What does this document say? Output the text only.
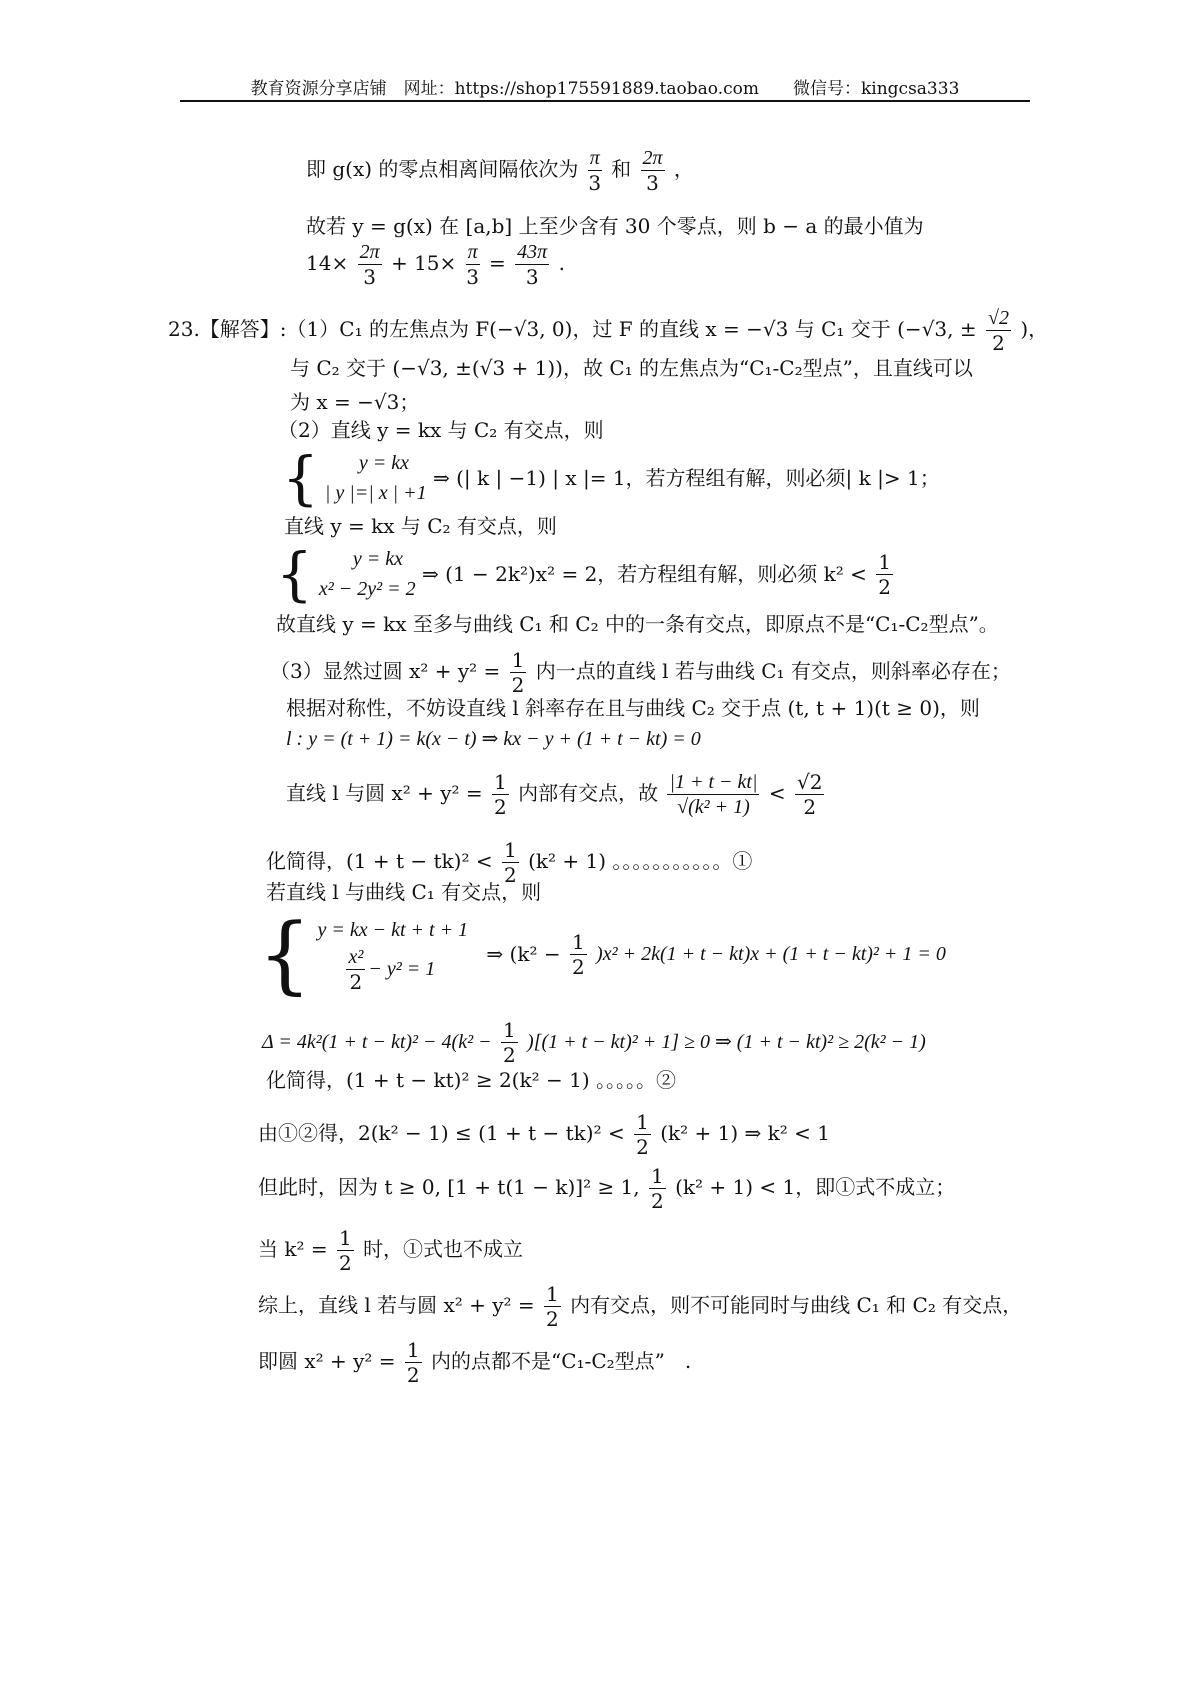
教育资源分享店铺　网址：https://shop175591889.taobao.com　　微信号：kingcsa333
即 g(x) 的零点相离间隔依次为 $\frac{\pi}{3}$ 和 $\frac{2\pi}{3}$ ，
故若 y = g(x) 在 [a,b] 上至少含有 30 个零点，则 b − a 的最小值为
$14\times \frac{2\pi}{3} + 15\times \frac{\pi}{3} = \frac{43\pi}{3}$ .
23.【解答】:（1）C₁ 的左焦点为 F(−√3, 0)，过 F 的直线 x = −√3 与 C₁ 交于 (−√3, ± $\frac{√2}{2}$ )，
与 C₂ 交于 (−√3, ±(√3 + 1))，故 C₁ 的左焦点为“C₁-C₂型点”，且直线可以
为 x = −√3；
（2）直线 y = kx 与 C₂ 有交点，则
{	y = kx
| y |=| x | +1
⇒ (| k | −1) | x |= 1，若方程组有解，则必须| k |> 1；
直线 y = kx 与 C₂ 有交点，则
{	y = kx
x² − 2y² = 2
⇒ (1 − 2k²)x² = 2，若方程组有解，则必须 $k^2 < \frac{1}{2}$
故直线 y = kx 至多与曲线 C₁ 和 C₂ 中的一条有交点，即原点不是“C₁-C₂型点”。
（3）显然过圆 $x^2 + y^2 = \frac{1}{2}$ 内一点的直线 l 若与曲线 C₁ 有交点，则斜率必存在；
根据对称性，不妨设直线 l 斜率存在且与曲线 C₂ 交于点 (t, t + 1)(t ≥ 0)，则
l : y = (t + 1) = k(x − t) ⇒ kx − y + (1 + t − kt) = 0
直线 l 与圆 $x^2 + y^2 = \frac{1}{2}$ 内部有交点，故 $\frac{|1 + t - kt|}{\text{√(k² + 1)}} < \frac{√2}{2}$
化简得，$(1 + t - tk)^2 < \frac{1}{2} (k^2 + 1)$ 。。。。。。。。。。。①
若直线 l 与曲线 C₁ 有交点，则
{ y = kx − kt + t + 1
$\frac{\text{x²}}{2} - y^2 = 1$
⇒ $(k^2 - \frac{1}{2} )x^2 + 2k(1 + t - kt)x + (1 + t - kt)^2 + 1 = 0$
$\Delta = 4k^2(1 + t - kt)^2 - 4(k^2 - \frac{1}{2} )[(1 + t - kt)^2 + 1] \ge 0$ ⇒ (1 + t − kt)² ≥ 2(k² − 1)
化简得，(1 + t − kt)² ≥ 2(k² − 1) 。。。。。②
由①②得，$2(k^2 - 1) \le (1 + t - tk)^2 < \frac{1}{2} (k^2 + 1)$ ⇒ k² < 1
但此时，因为 t ≥ 0, [1 + t(1 − k)]² ≥ 1, $\frac{1}{2} (k^2 + 1) < 1$，即①式不成立；
当 $k^2 = \frac{1}{2}$ 时，①式也不成立
综上，直线 l 若与圆 $x^2 + y^2 = \frac{1}{2}$ 内有交点，则不可能同时与曲线 C₁ 和 C₂ 有交点，
即圆 $x^2 + y^2 = \frac{1}{2}$ 内的点都不是“C₁-C₂型点”　.
